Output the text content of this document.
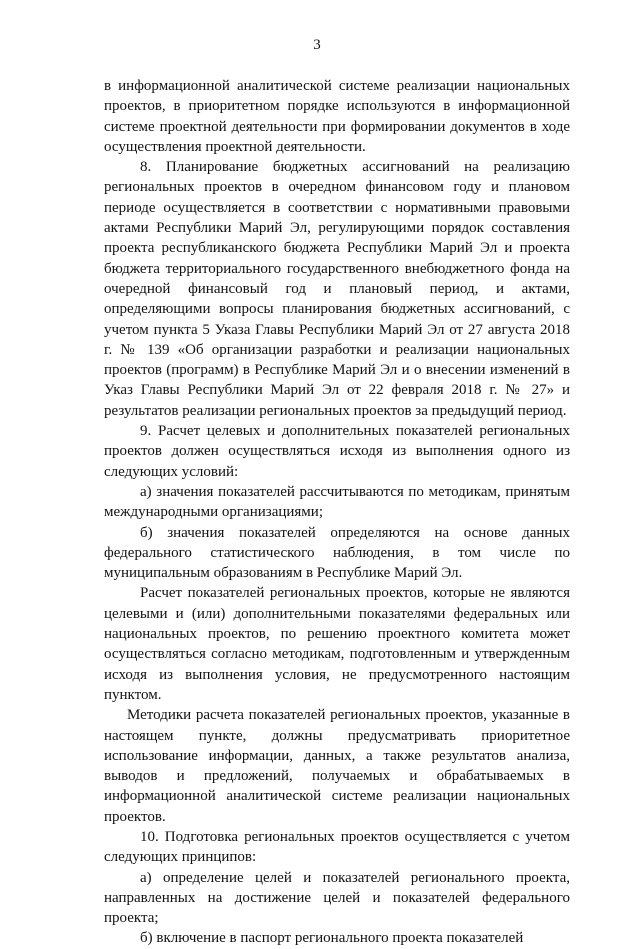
3

в информационной аналитической системе реализации национальных проектов, в приоритетном порядке используются в информационной системе проектной деятельности при формировании документов в ходе осуществления проектной деятельности.

8. Планирование бюджетных ассигнований на реализацию региональных проектов в очередном финансовом году и плановом периоде осуществляется в соответствии с нормативными правовыми актами Республики Марий Эл, регулирующими порядок составления проекта республиканского бюджета Республики Марий Эл и проекта бюджета территориального государственного внебюджетного фонда на очередной финансовый год и плановый период, и актами, определяющими вопросы планирования бюджетных ассигнований, с учетом пункта 5 Указа Главы Республики Марий Эл от 27 августа 2018 г. № 139 «Об организации разработки и реализации национальных проектов (программ) в Республике Марий Эл и о внесении изменений в Указ Главы Республики Марий Эл от 22 февраля 2018 г. № 27» и результатов реализации региональных проектов за предыдущий период.

9. Расчет целевых и дополнительных показателей региональных проектов должен осуществляться исходя из выполнения одного из следующих условий:

а) значения показателей рассчитываются по методикам, принятым международными организациями;

б) значения показателей определяются на основе данных федерального статистического наблюдения, в том числе по муниципальным образованиям в Республике Марий Эл.

Расчет показателей региональных проектов, которые не являются целевыми и (или) дополнительными показателями федеральных или национальных проектов, по решению проектного комитета может осуществляться согласно методикам, подготовленным и утвержденным исходя из выполнения условия, не предусмотренного настоящим пунктом.

Методики расчета показателей региональных проектов, указанные в настоящем пункте, должны предусматривать приоритетное использование информации, данных, а также результатов анализа, выводов и предложений, получаемых и обрабатываемых в информационной аналитической системе реализации национальных проектов.

10. Подготовка региональных проектов осуществляется с учетом следующих принципов:

а) определение целей и показателей регионального проекта, направленных на достижение целей и показателей федерального проекта;

б) включение в паспорт регионального проекта показателей
